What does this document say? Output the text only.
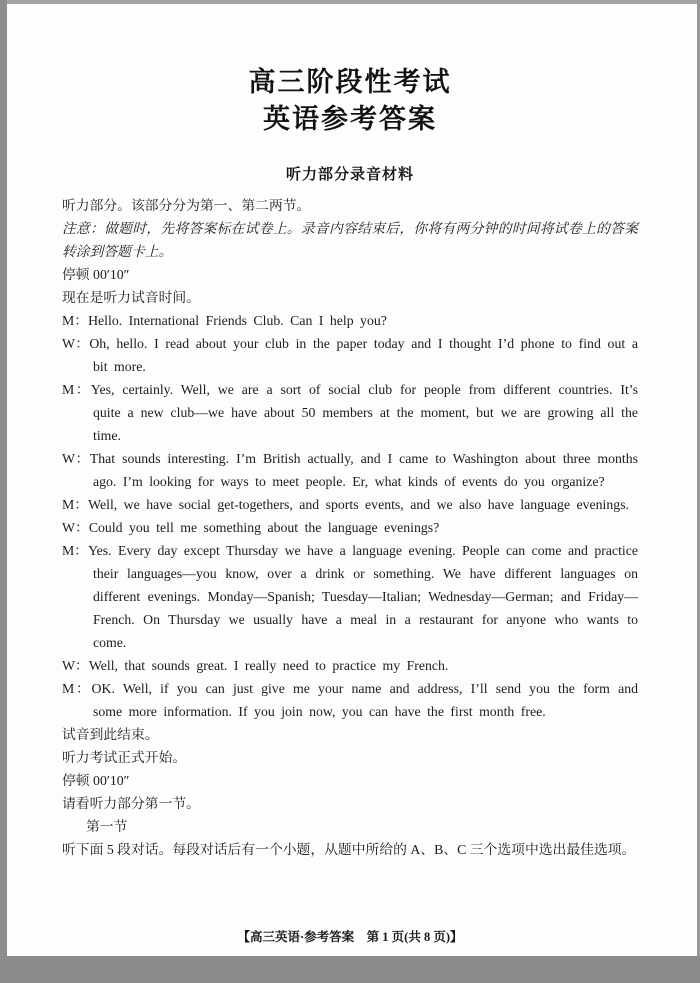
高三阶段性考试
英语参考答案
听力部分录音材料

听力部分。该部分分为第一、第二两节。

注意：做题时，先将答案标在试卷上。录音内容结束后，你将有两分钟的时间将试卷上的答案转涂到答题卡上。

停顿 00′10″

现在是听力试音时间。

M：Hello. International Friends Club. Can I help you?

W：Oh, hello. I read about your club in the paper today and I thought I’d phone to find out a bit more.

M：Yes, certainly. Well, we are a sort of social club for people from different countries. It’s quite a new club—we have about 50 members at the moment, but we are growing all the time.

W：That sounds interesting. I’m British actually, and I came to Washington about three months ago. I’m looking for ways to meet people. Er, what kinds of events do you organize?

M：Well, we have social get-togethers, and sports events, and we also have language evenings.

W：Could you tell me something about the language evenings?

M：Yes. Every day except Thursday we have a language evening. People can come and practice their languages—you know, over a drink or something. We have different languages on different evenings. Monday—Spanish; Tuesday—Italian; Wednesday—German; and Friday—French. On Thursday we usually have a meal in a restaurant for anyone who wants to come.

W：Well, that sounds great. I really need to practice my French.

M：OK. Well, if you can just give me your name and address, I’ll send you the form and some more information. If you join now, you can have the first month free.

试音到此结束。

听力考试正式开始。

停顿 00′10″

请看听力部分第一节。

第一节

听下面 5 段对话。每段对话后有一个小题，从题中所给的 A、B、C 三个选项中选出最佳选项。

【高三英语·参考答案　第 1 页(共 8 页)】
